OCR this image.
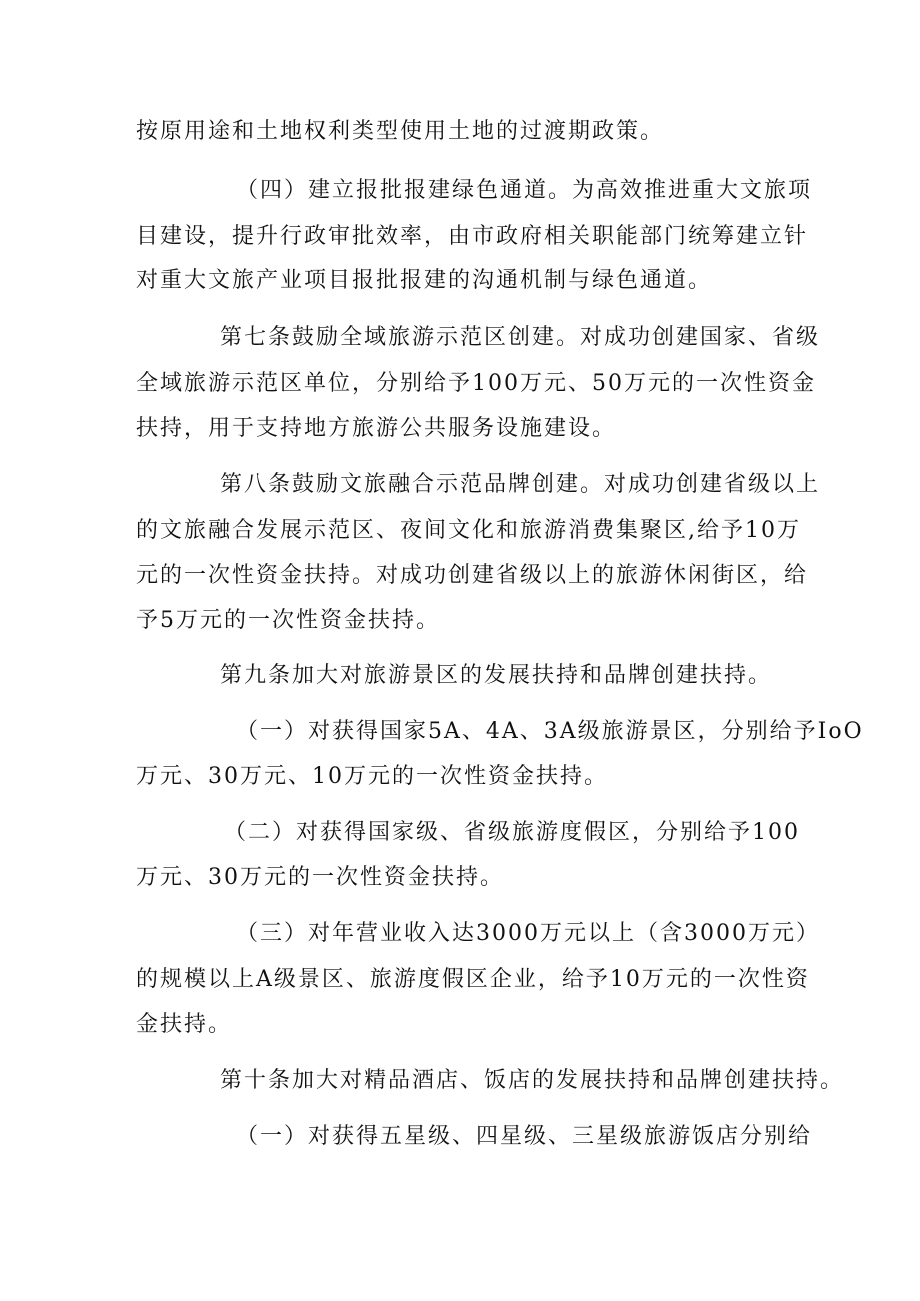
按原用途和土地权利类型使用土地的过渡期政策。
（四）建立报批报建绿色通道。为高效推进重大文旅项
目建设，提升行政审批效率，由市政府相关职能部门统筹建立针
对重大文旅产业项目报批报建的沟通机制与绿色通道。
第七条鼓励全域旅游示范区创建。对成功创建国家、省级
全域旅游示范区单位，分别给予100万元、50万元的一次性资金
扶持，用于支持地方旅游公共服务设施建设。
第八条鼓励文旅融合示范品牌创建。对成功创建省级以上
的文旅融合发展示范区、夜间文化和旅游消费集聚区,给予10万
元的一次性资金扶持。对成功创建省级以上的旅游休闲街区，给
予5万元的一次性资金扶持。
第九条加大对旅游景区的发展扶持和品牌创建扶持。
（一）对获得国家5A、4A、3A级旅游景区，分别给予IoO
万元、30万元、10万元的一次性资金扶持。
（二）对获得国家级、省级旅游度假区，分别给予100
万元、30万元的一次性资金扶持。
（三）对年营业收入达3000万元以上（含3000万元）
的规模以上A级景区、旅游度假区企业，给予10万元的一次性资
金扶持。
第十条加大对精品酒店、饭店的发展扶持和品牌创建扶持。
（一）对获得五星级、四星级、三星级旅游饭店分别给
